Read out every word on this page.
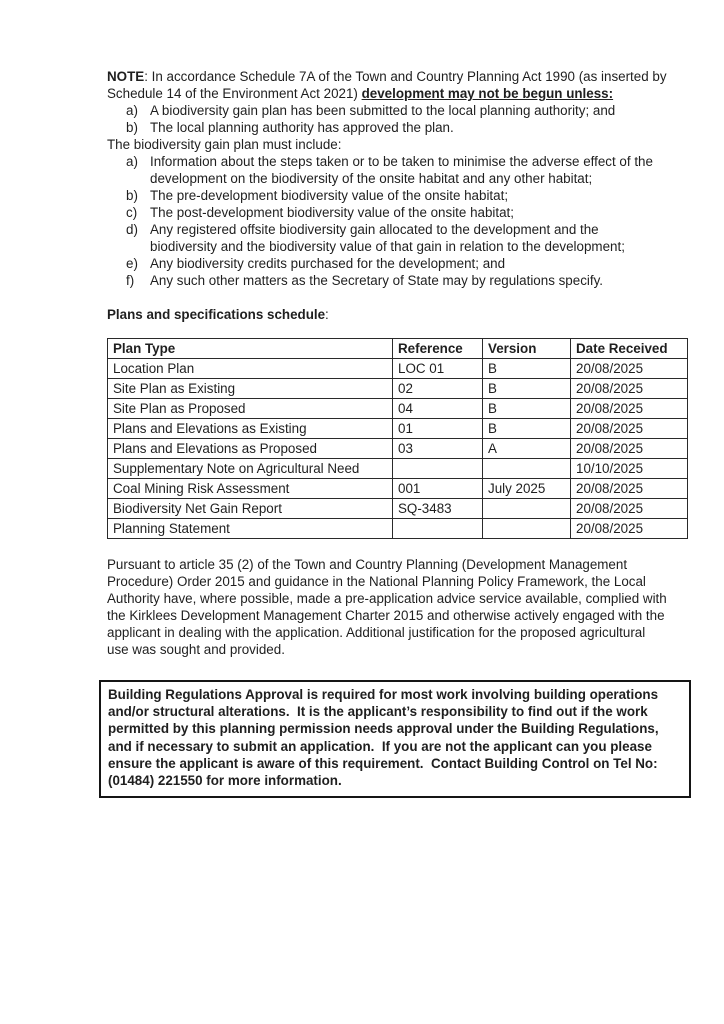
NOTE: In accordance Schedule 7A of the Town and Country Planning Act 1990 (as inserted by Schedule 14 of the Environment Act 2021) development may not be begun unless:

a) A biodiversity gain plan has been submitted to the local planning authority; and
b) The local planning authority has approved the plan.

The biodiversity gain plan must include:

a) Information about the steps taken or to be taken to minimise the adverse effect of the development on the biodiversity of the onsite habitat and any other habitat;
b) The pre-development biodiversity value of the onsite habitat;
c) The post-development biodiversity value of the onsite habitat;
d) Any registered offsite biodiversity gain allocated to the development and the biodiversity and the biodiversity value of that gain in relation to the development;
e) Any biodiversity credits purchased for the development; and
f)	Any such other matters as the Secretary of State may by regulations specify.

Plans and specifications schedule:

Plan Type	Reference	Version	Date Received
Location Plan	LOC 01	B	20/08/2025
Site Plan as Existing	02	B	20/08/2025
Site Plan as Proposed	04	B	20/08/2025
Plans and Elevations as Existing	01	B	20/08/2025
Plans and Elevations as Proposed	03	A	20/08/2025
Supplementary Note on Agricultural Need			10/10/2025
Coal Mining Risk Assessment	001	July 2025	20/08/2025
Biodiversity Net Gain Report	SQ-3483		20/08/2025
Planning Statement			20/08/2025

Pursuant to article 35 (2) of the Town and Country Planning (Development Management Procedure) Order 2015 and guidance in the National Planning Policy Framework, the Local Authority have, where possible, made a pre-application advice service available, complied with the Kirklees Development Management Charter 2015 and otherwise actively engaged with the applicant in dealing with the application. Additional justification for the proposed agricultural use was sought and provided.

Building Regulations Approval is required for most work involving building operations and/or structural alterations.  It is the applicant’s responsibility to find out if the work permitted by this planning permission needs approval under the Building Regulations, and if necessary to submit an application.  If you are not the applicant can you please ensure the applicant is aware of this requirement.  Contact Building Control on Tel No: (01484) 221550 for more information.
